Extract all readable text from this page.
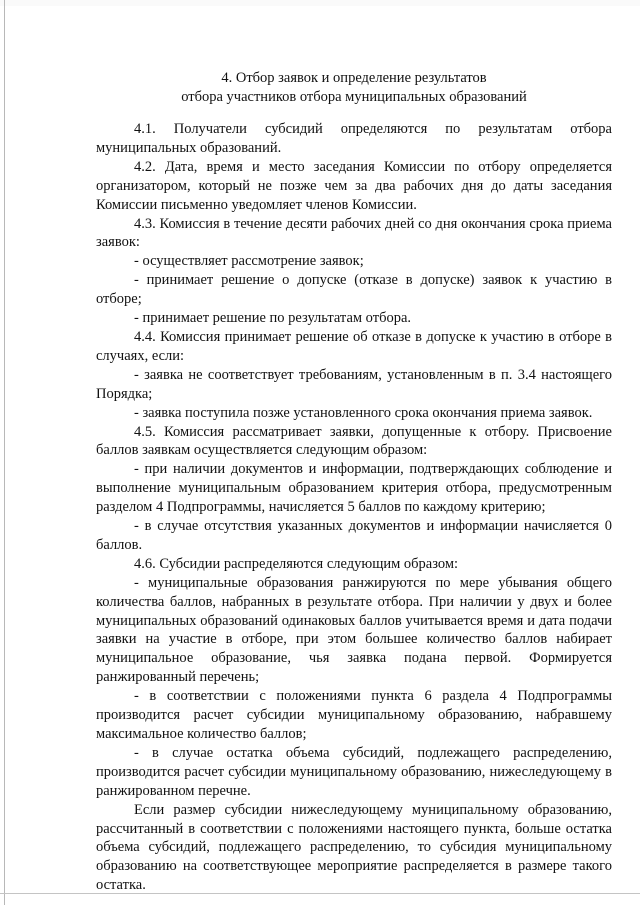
4. Отбор заявок и определение результатов
отбора участников отбора муниципальных образований

4.1. Получатели субсидий определяются по результатам отбора муниципальных образований.

4.2. Дата, время и место заседания Комиссии по отбору определяется организатором, который не позже чем за два рабочих дня до даты заседания Комиссии письменно уведомляет членов Комиссии.

4.3. Комиссия в течение десяти рабочих дней со дня окончания срока приема заявок:

- осуществляет рассмотрение заявок;

- принимает решение о допуске (отказе в допуске) заявок к участию в отборе;

- принимает решение по результатам отбора.

4.4. Комиссия принимает решение об отказе в допуске к участию в отборе в случаях, если:

- заявка не соответствует требованиям, установленным в п. 3.4 настоящего Порядка;

- заявка поступила позже установленного срока окончания приема заявок.

4.5. Комиссия рассматривает заявки, допущенные к отбору. Присвоение баллов заявкам осуществляется следующим образом:

- при наличии документов и информации, подтверждающих соблюдение и выполнение муниципальным образованием критерия отбора, предусмотренным разделом 4 Подпрограммы, начисляется 5 баллов по каждому критерию;

- в случае отсутствия указанных документов и информации начисляется 0 баллов.

4.6. Субсидии распределяются следующим образом:

- муниципальные образования ранжируются по мере убывания общего количества баллов, набранных в результате отбора. При наличии у двух и более муниципальных образований одинаковых баллов учитывается время и дата подачи заявки на участие в отборе, при этом большее количество баллов набирает муниципальное образование, чья заявка подана первой. Формируется ранжированный перечень;

- в соответствии с положениями пункта 6 раздела 4 Подпрограммы производится расчет субсидии муниципальному образованию, набравшему максимальное количество баллов;

- в случае остатка объема субсидий, подлежащего распределению, производится расчет субсидии муниципальному образованию, нижеследующему в ранжированном перечне.

Если размер субсидии нижеследующему муниципальному образованию, рассчитанный в соответствии с положениями настоящего пункта, больше остатка объема субсидий, подлежащего распределению, то субсидия муниципальному образованию на соответствующее мероприятие распределяется в размере такого остатка.
